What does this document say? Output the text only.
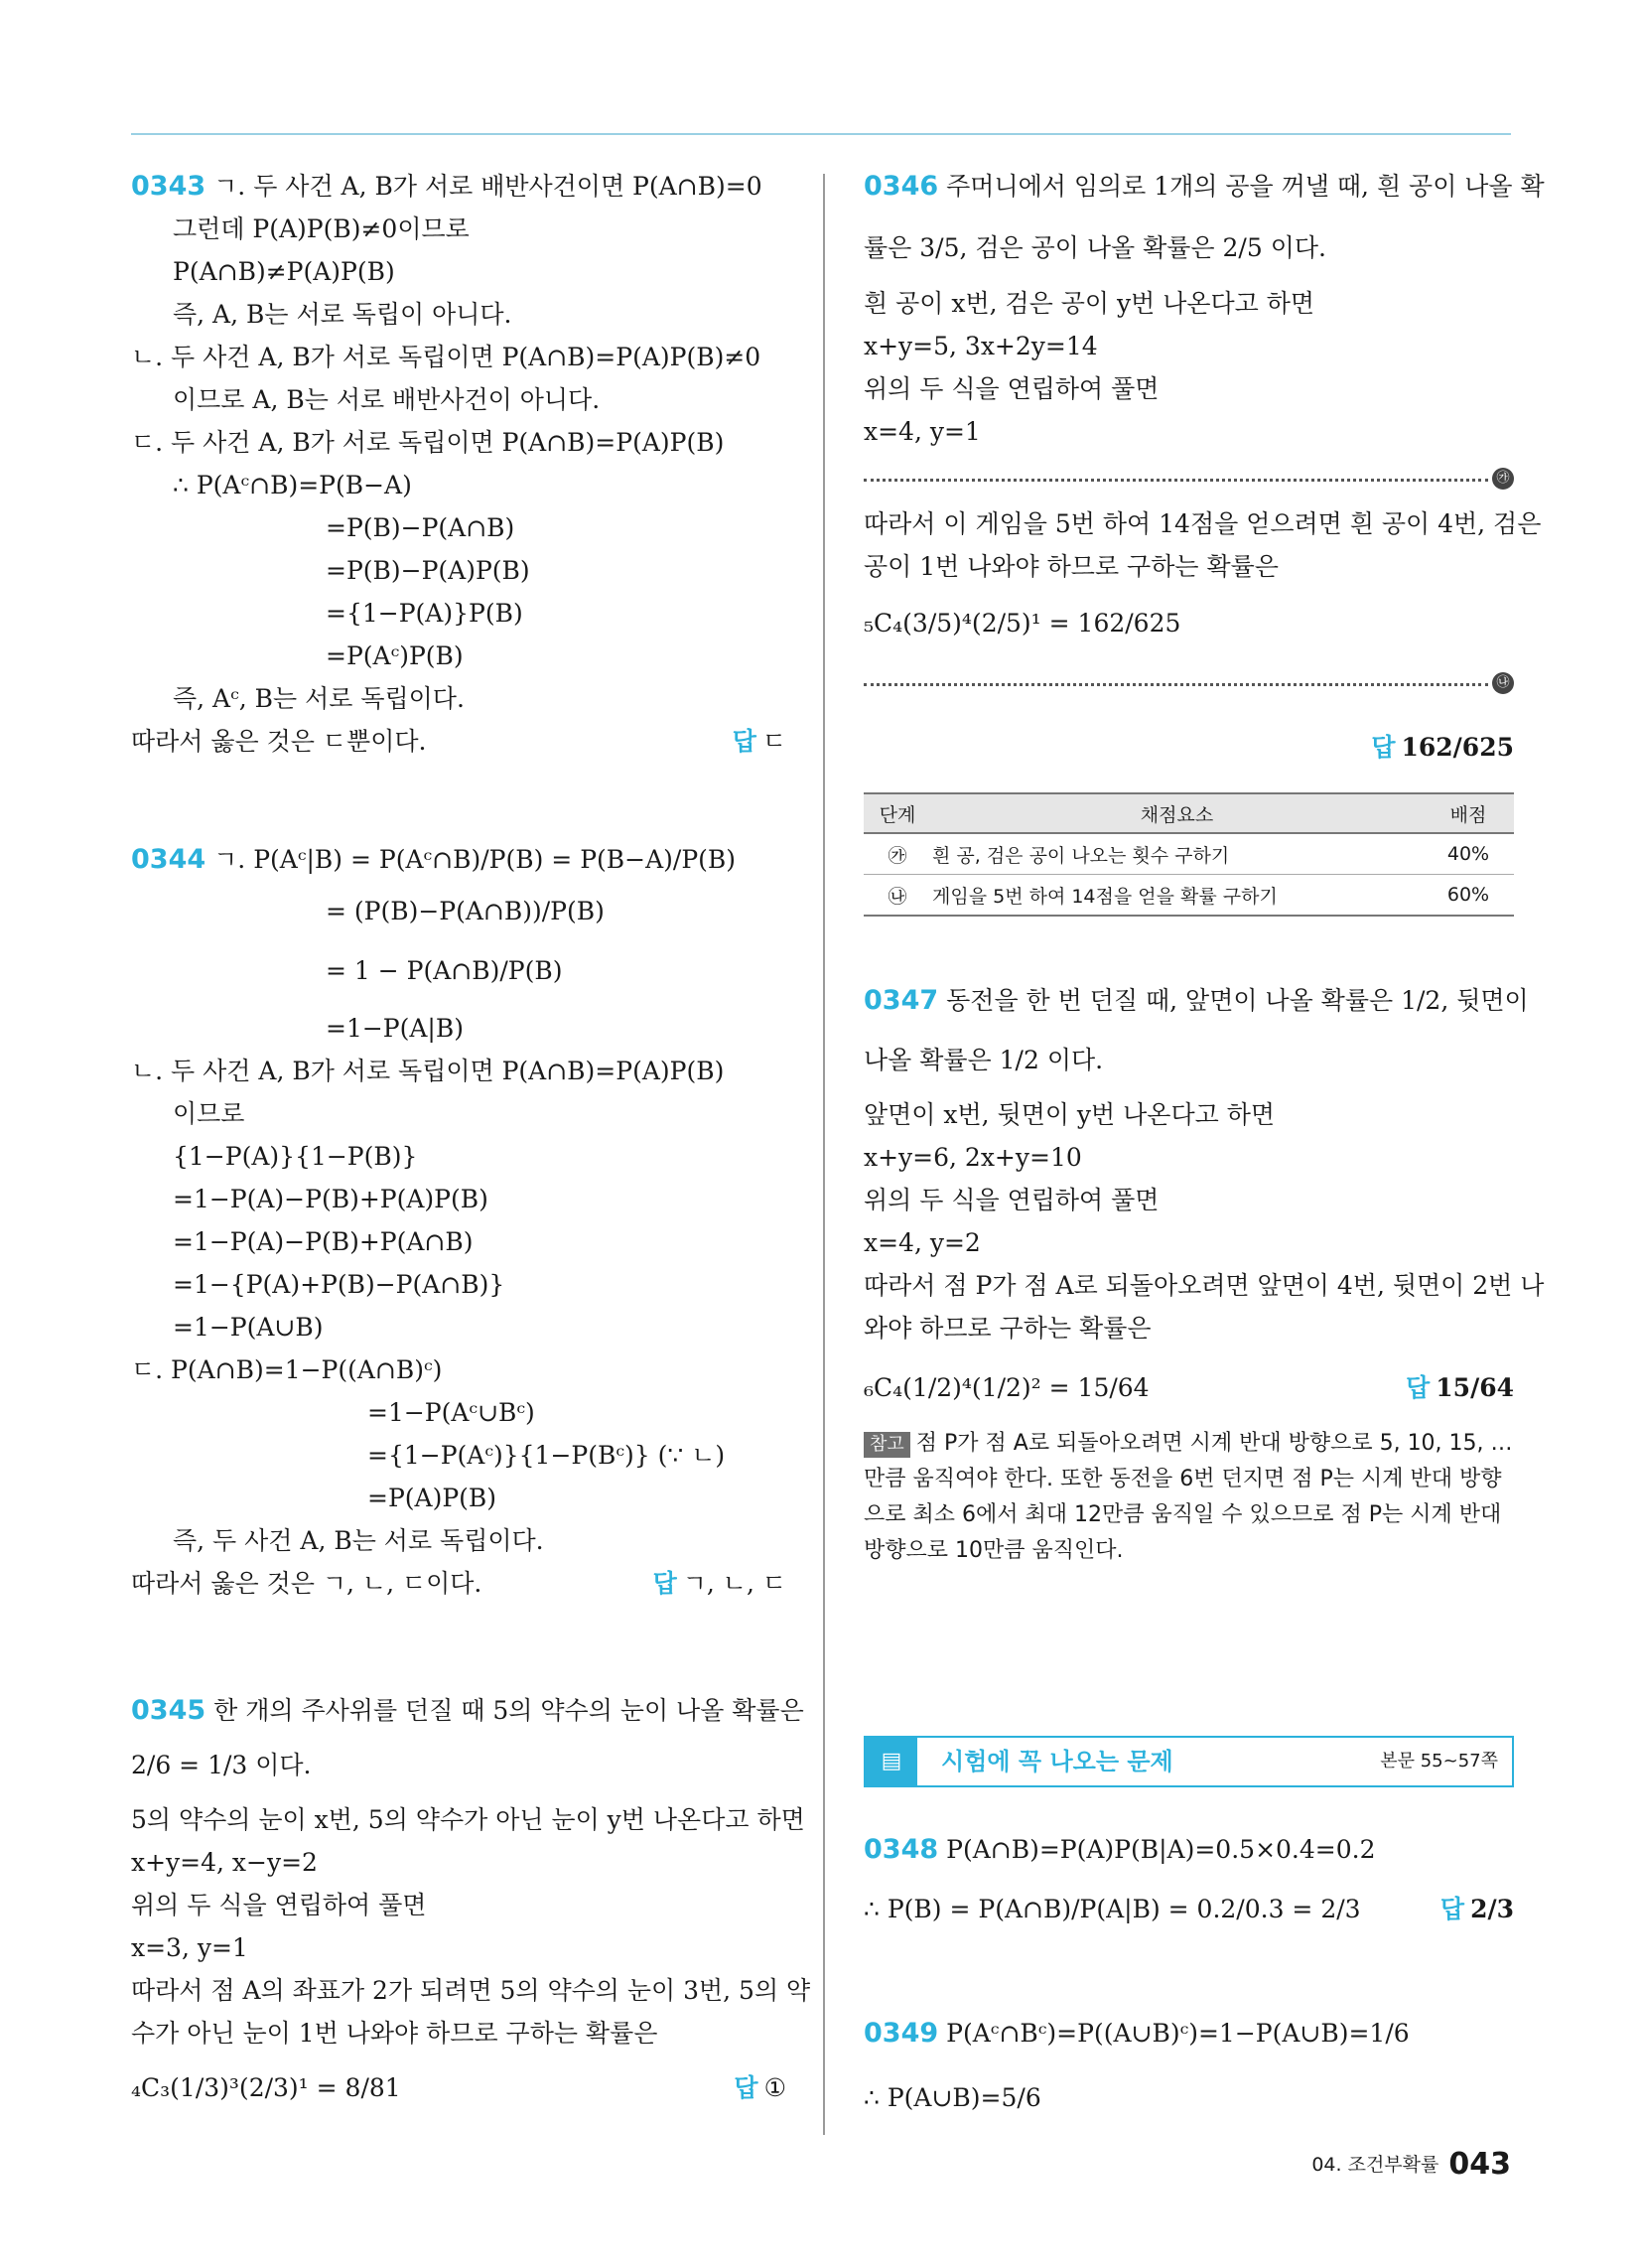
0343 ㄱ. 두 사건 A, B가 서로 배반사건이면 P(A∩B)=0
그런데 P(A)P(B)≠0이므로
P(A∩B)≠P(A)P(B)
즉, A, B는 서로 독립이 아니다.
ㄴ. 두 사건 A, B가 서로 독립이면 P(A∩B)=P(A)P(B)≠0
이므로 A, B는 서로 배반사건이 아니다.
ㄷ. 두 사건 A, B가 서로 독립이면 P(A∩B)=P(A)P(B)
∴ P(Aᶜ∩B)=P(B−A)
=P(B)−P(A∩B)
=P(B)−P(A)P(B)
={1−P(A)}P(B)
=P(Aᶜ)P(B)
즉, Aᶜ, B는 서로 독립이다.
따라서 옳은 것은 ㄷ뿐이다.	답 ㄷ
0344 ㄱ. P(Aᶜ|B) = P(Aᶜ∩B)/P(B) = P(B−A)/P(B)
= (P(B)−P(A∩B))/P(B)
= 1 − P(A∩B)/P(B)
=1−P(A|B)
ㄴ. 두 사건 A, B가 서로 독립이면 P(A∩B)=P(A)P(B)
이므로
{1−P(A)}{1−P(B)}
=1−P(A)−P(B)+P(A)P(B)
=1−P(A)−P(B)+P(A∩B)
=1−{P(A)+P(B)−P(A∩B)}
=1−P(A∪B)
ㄷ. P(A∩B)=1−P((A∩B)ᶜ)
=1−P(Aᶜ∪Bᶜ)
={1−P(Aᶜ)}{1−P(Bᶜ)} (∵ ㄴ)
=P(A)P(B)
즉, 두 사건 A, B는 서로 독립이다.
따라서 옳은 것은 ㄱ, ㄴ, ㄷ이다.	답 ㄱ, ㄴ, ㄷ
0345 한 개의 주사위를 던질 때 5의 약수의 눈이 나올 확률은
2/6 = 1/3 이다.
5의 약수의 눈이 x번, 5의 약수가 아닌 눈이 y번 나온다고 하면
x+y=4, x−y=2
위의 두 식을 연립하여 풀면
x=3, y=1
따라서 점 A의 좌표가 2가 되려면 5의 약수의 눈이 3번, 5의 약
수가 아닌 눈이 1번 나와야 하므로 구하는 확률은
₄C₃(1/3)³(2/3)¹ = 8/81	답 ①
0346 주머니에서 임의로 1개의 공을 꺼낼 때, 흰 공이 나올 확
률은 3/5, 검은 공이 나올 확률은 2/5 이다.
흰 공이 x번, 검은 공이 y번 나온다고 하면
x+y=5, 3x+2y=14
위의 두 식을 연립하여 풀면
x=4, y=1
㉮
따라서 이 게임을 5번 하여 14점을 얻으려면 흰 공이 4번, 검은
공이 1번 나와야 하므로 구하는 확률은
₅C₄(3/5)⁴(2/5)¹ = 162/625
㉯
답 162/625
단계	채점요소	배점
㉮	흰 공, 검은 공이 나오는 횟수 구하기	40%
㉯	게임을 5번 하여 14점을 얻을 확률 구하기	60%
0347 동전을 한 번 던질 때, 앞면이 나올 확률은 1/2, 뒷면이
나올 확률은 1/2 이다.
앞면이 x번, 뒷면이 y번 나온다고 하면
x+y=6, 2x+y=10
위의 두 식을 연립하여 풀면
x=4, y=2
따라서 점 P가 점 A로 되돌아오려면 앞면이 4번, 뒷면이 2번 나
와야 하므로 구하는 확률은
₆C₄(1/2)⁴(1/2)² = 15/64	답 15/64
참고 점 P가 점 A로 되돌아오려면 시계 반대 방향으로 5, 10, 15, …
만큼 움직여야 한다. 또한 동전을 6번 던지면 점 P는 시계 반대 방향
으로 최소 6에서 최대 12만큼 움직일 수 있으므로 점 P는 시계 반대
방향으로 10만큼 움직인다.
▤	시험에 꼭 나오는 문제	본문 55~57쪽
0348 P(A∩B)=P(A)P(B|A)=0.5×0.4=0.2
∴ P(B) = P(A∩B)/P(A|B) = 0.2/0.3 = 2/3	답 2/3
0349 P(Aᶜ∩Bᶜ)=P((A∪B)ᶜ)=1−P(A∪B)=1/6
∴ P(A∪B)=5/6
04. 조건부확률 043
